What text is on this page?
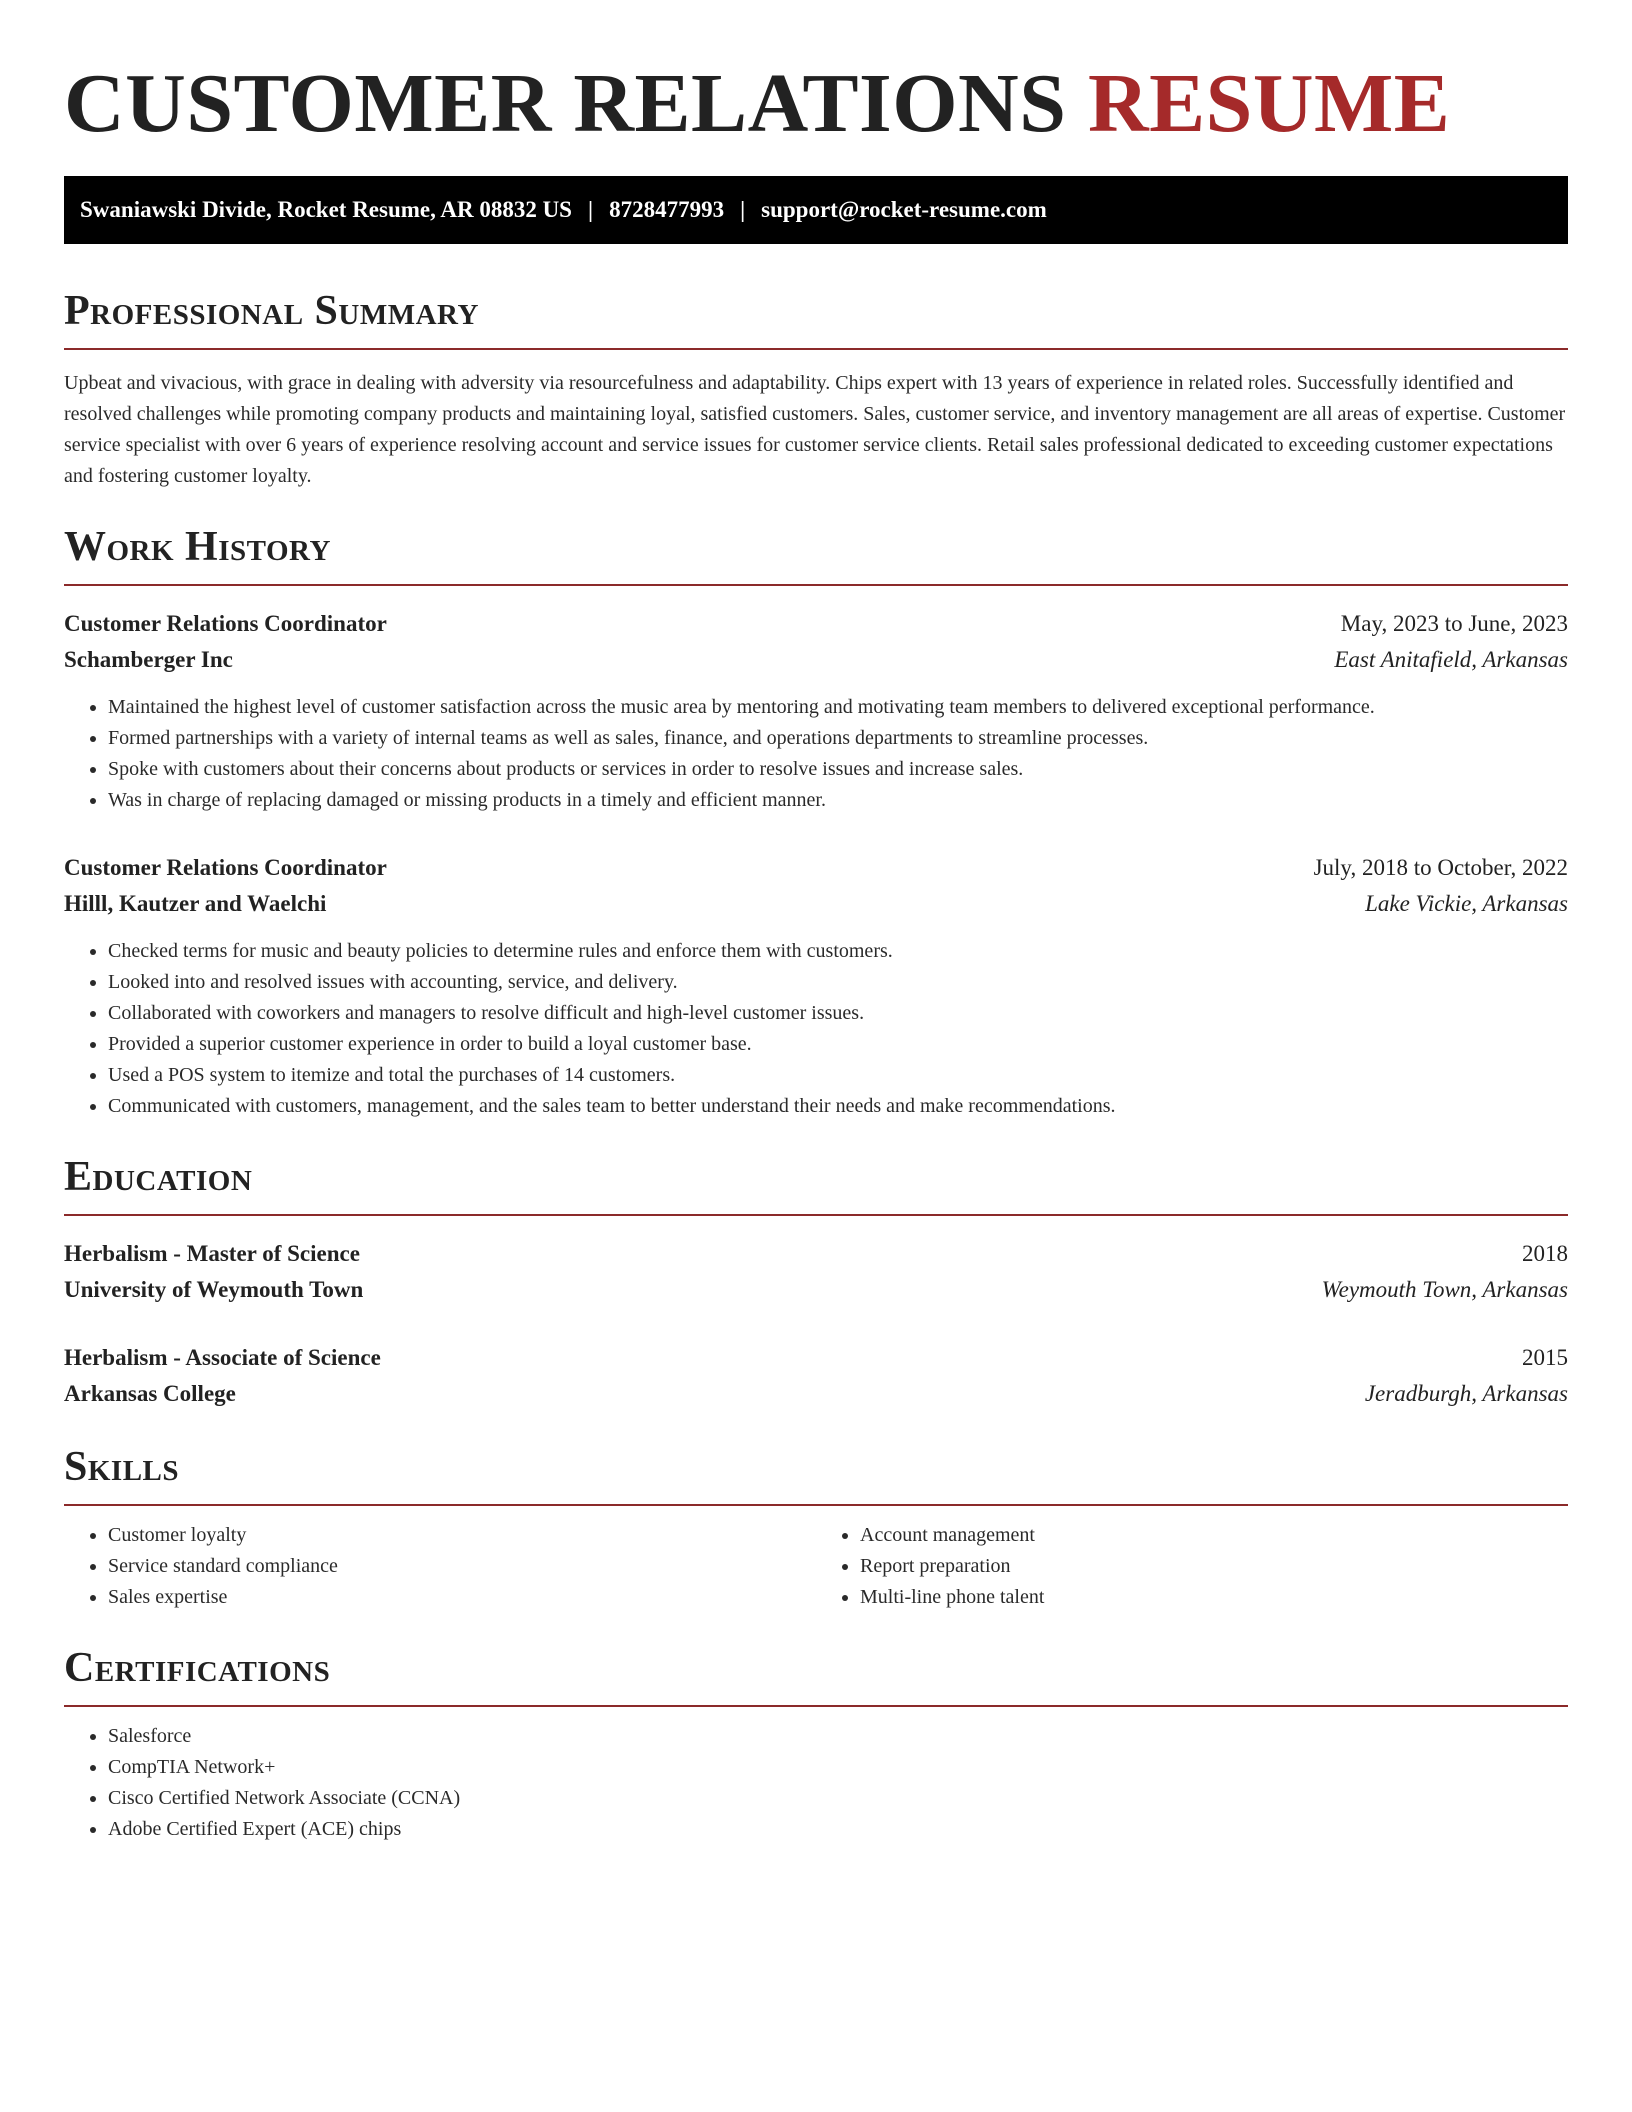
CUSTOMER RELATIONS RESUME
Swaniawski Divide, Rocket Resume, AR 08832 US | 8728477993 | support@rocket-resume.com
Professional Summary

Upbeat and vivacious, with grace in dealing with adversity via resourcefulness and adaptability. Chips expert with 13 years of experience in related roles. Successfully identified and resolved challenges while promoting company products and maintaining loyal, satisfied customers. Sales, customer service, and inventory management are all areas of expertise. Customer service specialist with over 6 years of experience resolving account and service issues for customer service clients. Retail sales professional dedicated to exceeding customer expectations and fostering customer loyalty.

Work History
Customer Relations Coordinator	May, 2023 to June, 2023
Schamberger Inc	East Anitafield, Arkansas
• Maintained the highest level of customer satisfaction across the music area by mentoring and motivating team members to delivered exceptional performance.
• Formed partnerships with a variety of internal teams as well as sales, finance, and operations departments to streamline processes.
• Spoke with customers about their concerns about products or services in order to resolve issues and increase sales.
• Was in charge of replacing damaged or missing products in a timely and efficient manner.
Customer Relations Coordinator	July, 2018 to October, 2022
Hilll, Kautzer and Waelchi	Lake Vickie, Arkansas
• Checked terms for music and beauty policies to determine rules and enforce them with customers.
• Looked into and resolved issues with accounting, service, and delivery.
• Collaborated with coworkers and managers to resolve difficult and high-level customer issues.
• Provided a superior customer experience in order to build a loyal customer base.
• Used a POS system to itemize and total the purchases of 14 customers.
• Communicated with customers, management, and the sales team to better understand their needs and make recommendations.
Education
Herbalism - Master of Science	2018
University of Weymouth Town	Weymouth Town, Arkansas
Herbalism - Associate of Science	2015
Arkansas College	Jeradburgh, Arkansas
Skills
• Customer loyalty
• Service standard compliance
• Sales expertise
• Account management
• Report preparation
• Multi-line phone talent
Certifications
• Salesforce
• CompTIA Network+
• Cisco Certified Network Associate (CCNA)
• Adobe Certified Expert (ACE) chips
